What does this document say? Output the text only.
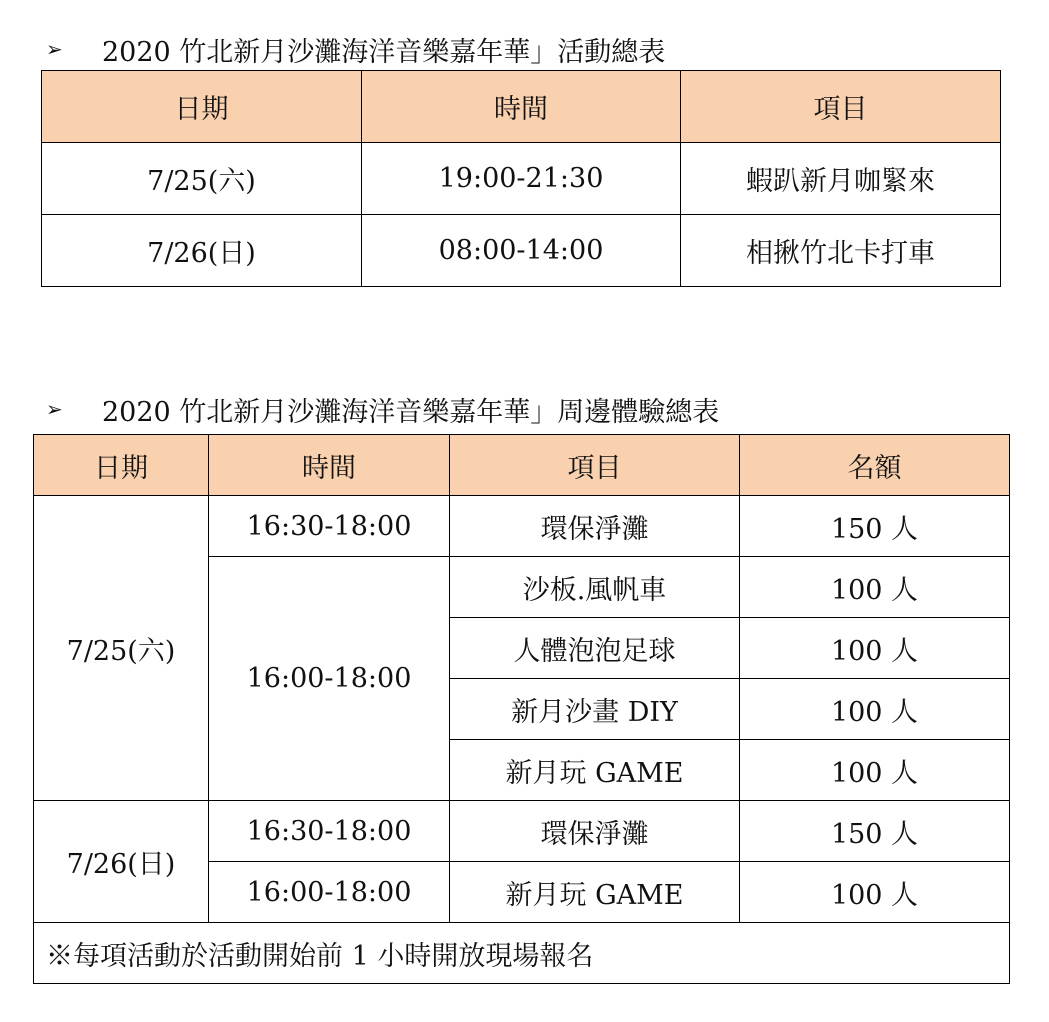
➢	2020 竹北新月沙灘海洋音樂嘉年華」活動總表
日期	時間	項目
7/25(六)	19:00-21:30	蝦趴新月咖緊來
7/26(日)	08:00-14:00	相揪竹北卡打車
➢	2020 竹北新月沙灘海洋音樂嘉年華」周邊體驗總表
日期	時間	項目	名額
7/25(六)	16:30-18:00	環保淨灘	150 人
	16:00-18:00	沙板.風帆車	100 人
		人體泡泡足球	100 人
		新月沙畫 DIY	100 人
		新月玩 GAME	100 人
7/26(日)	16:30-18:00	環保淨灘	150 人
	16:00-18:00	新月玩 GAME	100 人
※每項活動於活動開始前 1 小時開放現場報名			
